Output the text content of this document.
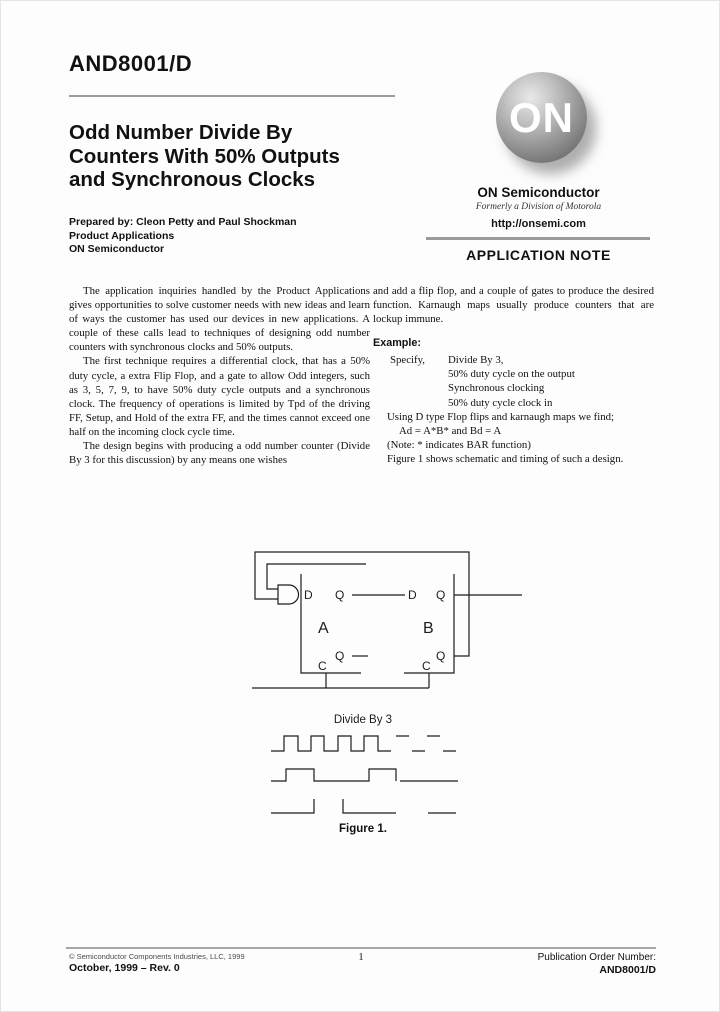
AND8001/D
Odd Number Divide By
Counters With 50% Outputs
and Synchronous Clocks
Prepared by: Cleon Petty and Paul Shockman
Product Applications
ON Semiconductor
ON
ON Semiconductor
Formerly a Division of Motorola
http://onsemi.com
APPLICATION NOTE

The application inquiries handled by the Product Applications gives opportunities to solve customer needs with new ideas and learn of ways the customer has used our devices in new applications. A couple of these calls lead to techniques of designing odd number counters with synchronous clocks and 50% outputs.

The first technique requires a differential clock, that has a 50% duty cycle, a extra Flip Flop, and a gate to allow Odd integers, such as 3, 5, 7, 9, to have 50% duty cycle outputs and a synchronous clock. The frequency of operations is limited by Tpd of the driving FF, Setup, and Hold of the extra FF, and the times cannot exceed one half on the incoming clock cycle time.

The design begins with producing a odd number counter (Divide By 3 for this discussion) by any means one wishes

and add a flip flop, and a couple of gates to produce the desired function. Karnaugh maps usually produce counters that are lockup immune.

Example:
Specify,	Divide By 3,
50% duty cycle on the output
Synchronous clocking
50% duty cycle clock in

Using D type Flop flips and karnaugh maps we find;

Ad = A*B* and Bd = A

(Note: * indicates BAR function)

Figure 1 shows schematic and timing of such a design.

D Q
A
Q
C
D Q
B
Q
C
Divide By 3
Figure 1.
© Semiconductor Components Industries, LLC, 1999
October, 1999 – Rev. 0
1	Publication Order Number:
AND8001/D
